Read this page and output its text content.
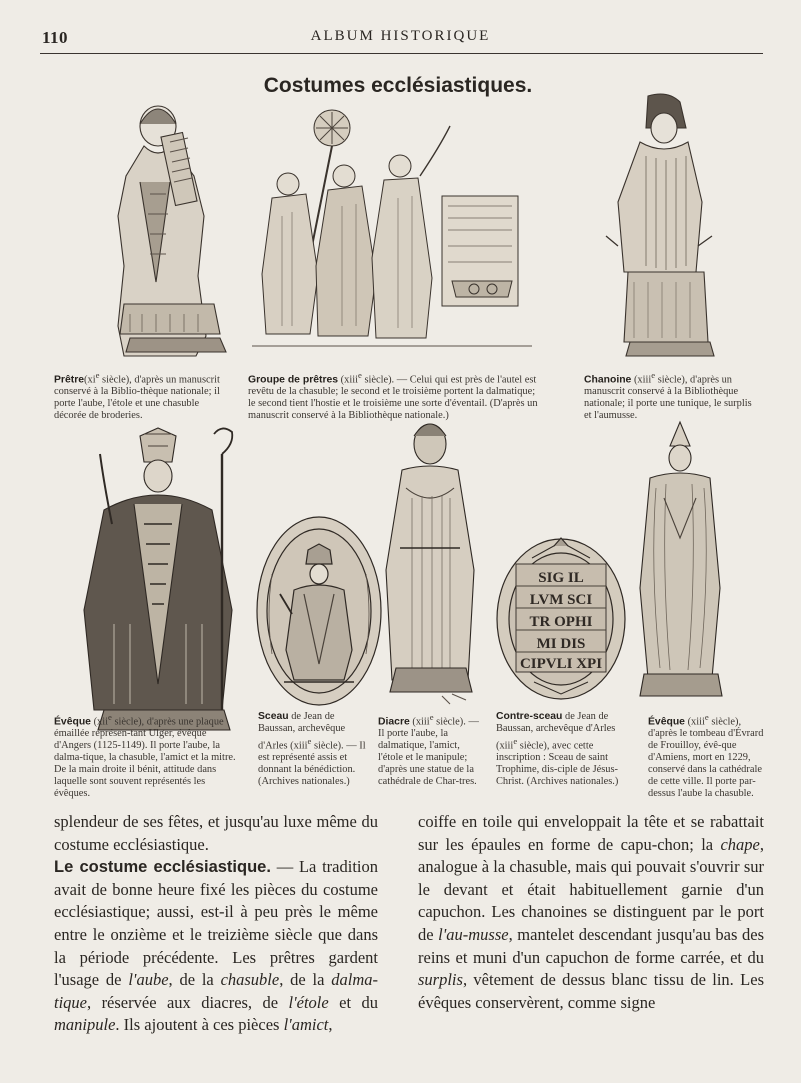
110	ALBUM HISTORIQUE
Costumes ecclésiastiques.
$Prêtre(xi^e$ siècle), d'après un manuscrit conservé à la Biblio-thèque nationale; il porte l'aube, l'étole et une chasuble décorée de broderies.
Groupe de prêtres (xiii$^e$ siècle). — Celui qui est près de l'autel est revêtu de la chasuble; le second et le troisième portent la dalmatique; le second tient l'hostie et le troisième une sorte d'éventail. (D'après un manuscrit conservé à la Bibliothèque nationale.)
Chanoine (xiii$^e$ siècle), d'après un manuscrit conservé à la Bibliothèque nationale; il porte une tunique, le surplis et l'aumusse.
SIG IL
LVM SCI
TR OPHI
MI DIS
CIPVLI XPI
Évêque (xii$^e$ siècle), d'après une plaque émaillée représen-tant Ulger, évêque d'Angers (1125-1149). Il porte l'aube, la dalma-tique, la chasuble, l'amict et la mitre. De la main droite il bénit, attitude dans laquelle sont souvent représentés les évêques.
Sceau de Jean de Baussan, archevêque d'Arles (xiii$^e$ siècle). — Il est représenté assis et donnant la bénédiction. (Archives nationales.)
Diacre (xiii$^e$ siècle). — Il porte l'aube, la dalmatique, l'amict, l'étole et le manipule; d'après une statue de la cathédrale de Char-tres.
Contre-sceau de Jean de Baussan, archevêque d'Arles (xiii$^e$ siècle), avec cette inscription : Sceau de saint Trophime, dis-ciple de Jésus-Christ. (Archives nationales.)
Évêque (xiii$^e$ siècle), d'après le tombeau d'Évrard de Frouilloy, évê-que d'Amiens, mort en 1229, conservé dans la cathédrale de cette ville. Il porte par-dessus l'aube la chasuble.

splendeur de ses fêtes, et jusqu'au luxe même du costume ecclésiastique.
Le costume ecclésiastique. — La tradition avait de bonne heure fixé les pièces du costume ecclésiastique; aussi, est-il à peu près le même entre le onzième et le treizième siècle que dans la période précédente. Les prêtres gardent l'usage de l'aube, de la chasuble, de la dalma-tique, réservée aux diacres, de l'étole et du manipule. Ils ajoutent à ces pièces l'amict,

coiffe en toile qui enveloppait la tête et se rabattait sur les épaules en forme de capu-chon; la chape, analogue à la chasuble, mais qui pouvait s'ouvrir sur le devant et était habituellement garnie d'un capuchon. Les chanoines se distinguent par le port de l'au-musse, mantelet descendant jusqu'au bas des reins et muni d'un capuchon de forme carrée, et du surplis, vêtement de dessus blanc tissu de lin. Les évêques conservèrent, comme signe
